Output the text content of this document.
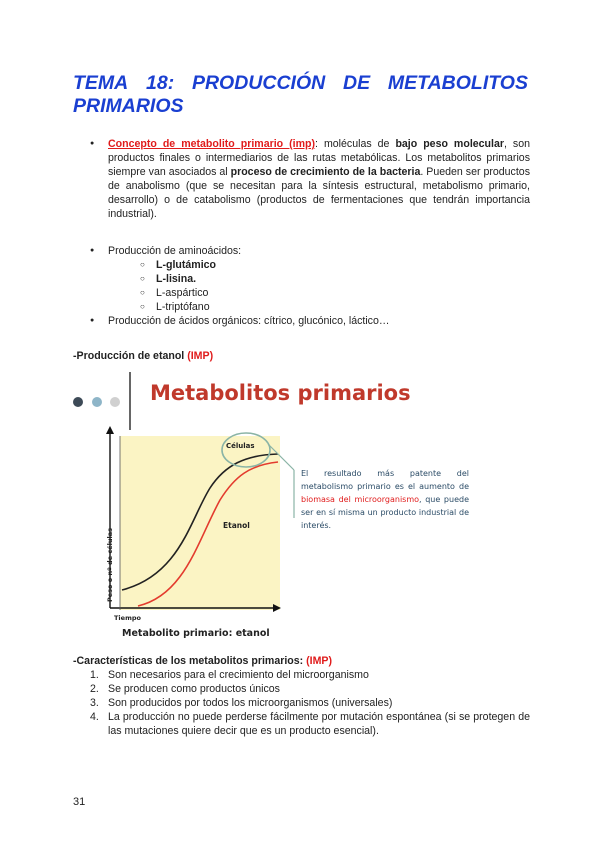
TEMA 18: PRODUCCIÓN DE METABOLITOS
PRIMARIOS
● Concepto de metabolito primario (imp): moléculas de bajo peso molecular, son productos finales o intermediarios de las rutas metabólicas. Los metabolitos primarios siempre van asociados al proceso de crecimiento de la bacteria. Pueden ser productos de anabolismo (que se necesitan para la síntesis estructural, metabolismo primario, desarrollo) o de catabolismo (productos de fermentaciones que tendrán importancia industrial).
● Producción de aminoácidos:
○ L-glutámico
○ L-lisina.
○ L-aspártico
○ L-triptófano
● Producción de ácidos orgánicos: cítrico, glucónico, láctico…
-Producción de etanol (IMP)
Metabolitos primarios
Células
Etanol
Peso o nº de células
Tiempo
Metabolito primario: etanol
El resultado más patente del metabolismo primario es el aumento de biomasa del microorganismo, que puede ser en sí misma un producto industrial de interés.
-Características de los metabolitos primarios: (IMP)
1. Son necesarios para el crecimiento del microorganismo
2. Se producen como productos únicos
3. Son producidos por todos los microorganismos (universales)
4. La producción no puede perderse fácilmente por mutación espontánea (si se protegen de las mutaciones quiere decir que es un producto esencial).
31
